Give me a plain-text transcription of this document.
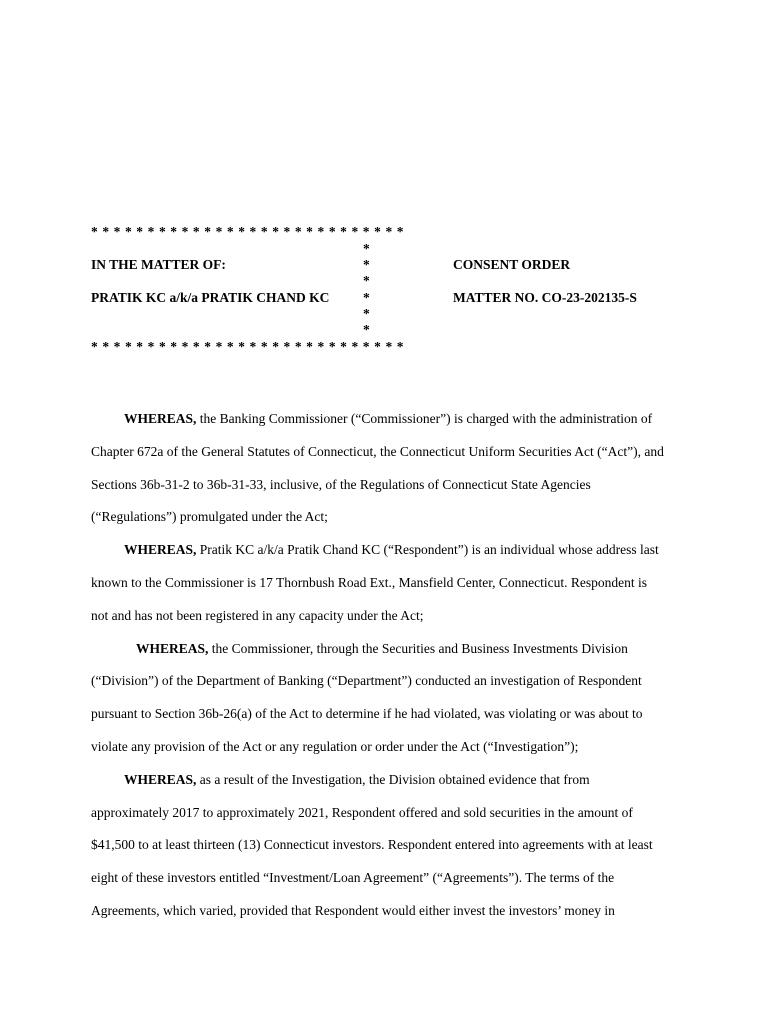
* * * * * * * * * * * * * * * * * * * * * * * * * * * *
*
IN THE MATTER OF:	*	CONSENT ORDER
*
PRATIK KC a/k/a PRATIK CHAND KC *	MATTER NO. CO-23-202135-S
*
*
* * * * * * * * * * * * * * * * * * * * * * * * * * * *

WHEREAS, the Banking Commissioner (“Commissioner”) is charged with the administration of
Chapter 672a of the General Statutes of Connecticut, the Connecticut Uniform Securities Act (“Act”), and
Sections 36b-31-2 to 36b-31-33, inclusive, of the Regulations of Connecticut State Agencies
(“Regulations”) promulgated under the Act;

WHEREAS, Pratik KC a/k/a Pratik Chand KC (“Respondent”) is an individual whose address last
known to the Commissioner is 17 Thornbush Road Ext., Mansfield Center, Connecticut. Respondent is
not and has not been registered in any capacity under the Act;

WHEREAS, the Commissioner, through the Securities and Business Investments Division
(“Division”) of the Department of Banking (“Department”) conducted an investigation of Respondent
pursuant to Section 36b-26(a) of the Act to determine if he had violated, was violating or was about to
violate any provision of the Act or any regulation or order under the Act (“Investigation”);

WHEREAS, as a result of the Investigation, the Division obtained evidence that from
approximately 2017 to approximately 2021, Respondent offered and sold securities in the amount of
$41,500 to at least thirteen (13) Connecticut investors. Respondent entered into agreements with at least
eight of these investors entitled “Investment/Loan Agreement” (“Agreements”). The terms of the
Agreements, which varied, provided that Respondent would either invest the investors’ money in
